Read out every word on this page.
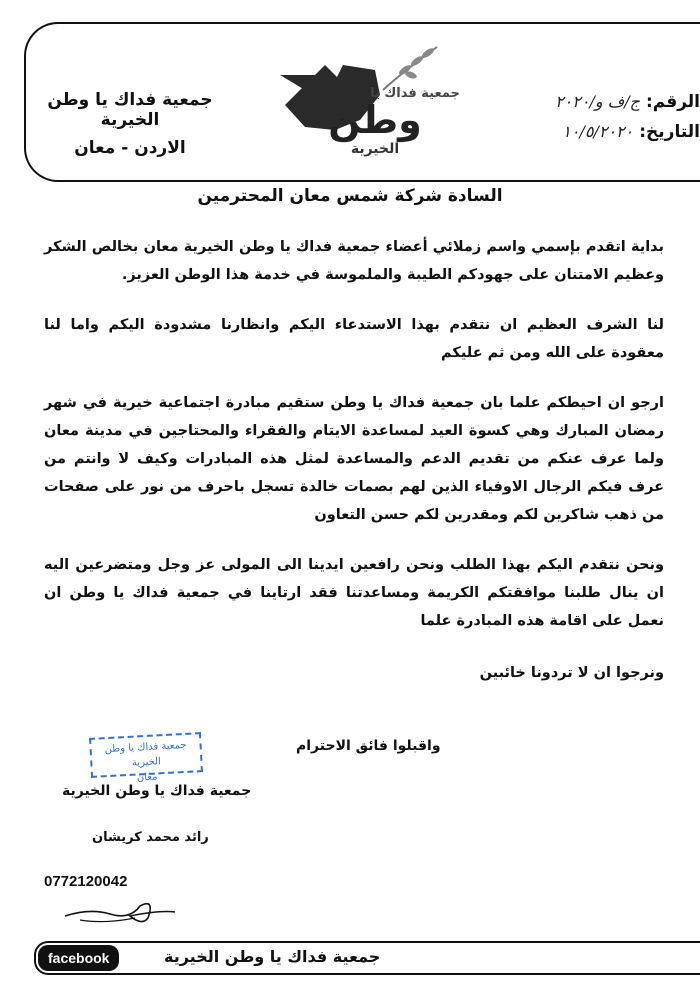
جمعية فداك يا وطن الخيرية
الاردن - معان
جمعية فداك يا
وطن
الخيرية
الرقم:
ج/ف و/٢٠٢٠
التاريخ:
١٠/٥/٢٠٢٠
السادة شركة شمس معان المحترمين

بداية اتقدم بإسمي واسم زملائي أعضاء جمعية فداك يا وطن الخيرية معان بخالص الشكر وعظيم الامتنان على جهودكم الطيبة والملموسة في خدمة هذا الوطن العزيز.

لنا الشرف العظيم ان نتقدم بهذا الاستدعاء اليكم وانظارنا مشدودة اليكم واما لنا معقودة على الله ومن ثم عليكم

ارجو ان احيطكم علما بان جمعية فداك يا وطن ستقيم مبادرة اجتماعية خيرية في شهر رمضان المبارك وهي كسوة العيد لمساعدة الايتام والفقراء والمحتاجين في مدينة معان ولما عرف عنكم من تقديم الدعم والمساعدة لمثل هذه المبادرات وكيف لا وانتم من عرف فيكم الرجال الاوفياء الذين لهم بصمات خالدة تسجل باحرف من نور على صفحات من ذهب شاكرين لكم ومقدرين لكم حسن التعاون

ونحن نتقدم اليكم بهذا الطلب ونحن رافعين ايدينا الى المولى عز وجل ومتضرعين اليه ان ينال طلبنا موافقتكم الكريمة ومساعدتنا فقد ارتاينا في جمعية فداك يا وطن ان نعمل على اقامة هذه المبادرة علما

ونرجوا ان لا تردونا خائبين

واقبلوا فائق الاحترام
جمعية فداك يا وطن الخيرية
معان
جمعية فداك يا وطن الخيرية
رائد محمد كريشان
0772120042
facebook	جمعية فداك يا وطن الخيرية
